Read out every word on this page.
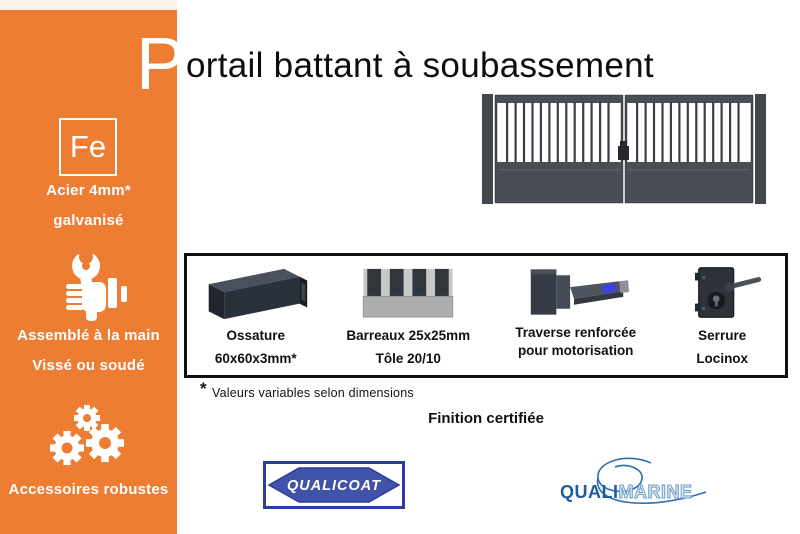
Fe
Acier 4mm*
galvanisé
Assemblé à la main
Vissé ou soudé
Accessoires robustes
P ortail battant à soubassement
Ossature
60x60x3mm*
Barreaux 25x25mm
Tôle 20/10
Traverse renforcée
pour motorisation
Serrure
Locinox
* Valeurs variables selon dimensions
Finition certifiée
QUALICOAT	QUALIMARINE
